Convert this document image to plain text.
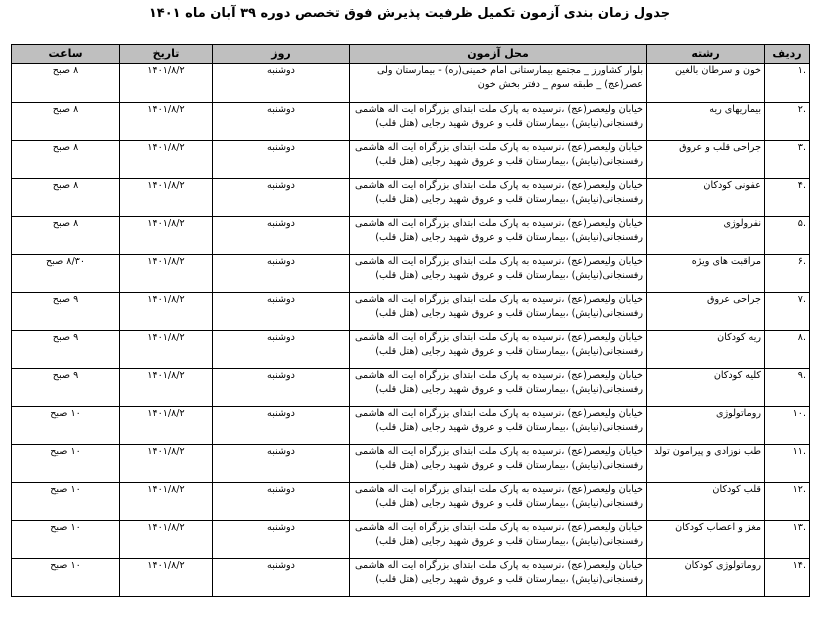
جدول زمان بندی آزمون تکمیل ظرفیت پذیرش فوق تخصص دوره ۳۹ آبان ماه ۱۴۰۱
ردیف	رشته	محل آزمون	روز	تاریخ	ساعت
.۱	خون و سرطان بالغین	بلوار کشاورز _ مجتمع بیمارستانی امام خمینی(ره) - بیمارستان ولی عصر(عج) _ طبقه سوم _ دفتر بخش خون	دوشنبه	۱۴۰۱/۸/۲	۸ صبح
.۲	بیماریهای ریه	خیابان ولیعصر(عج) ،نرسیده به پارک ملت ابتدای بزرگراه ایت اله هاشمی رفسنجانی(نیایش) ،بیمارستان قلب و عروق شهید رجایی (هتل قلب)	دوشنبه	۱۴۰۱/۸/۲	۸ صبح
.۳	جراحی قلب و عروق	خیابان ولیعصر(عج) ،نرسیده به پارک ملت ابتدای بزرگراه ایت اله هاشمی رفسنجانی(نیایش) ،بیمارستان قلب و عروق شهید رجایی (هتل قلب)	دوشنبه	۱۴۰۱/۸/۲	۸ صبح
.۴	عفونی کودکان	خیابان ولیعصر(عج) ،نرسیده به پارک ملت ابتدای بزرگراه ایت اله هاشمی رفسنجانی(نیایش) ،بیمارستان قلب و عروق شهید رجایی (هتل قلب)	دوشنبه	۱۴۰۱/۸/۲	۸ صبح
.۵	نفرولوژی	خیابان ولیعصر(عج) ،نرسیده به پارک ملت ابتدای بزرگراه ایت اله هاشمی رفسنجانی(نیایش) ،بیمارستان قلب و عروق شهید رجایی (هتل قلب)	دوشنبه	۱۴۰۱/۸/۲	۸ صبح
.۶	مراقبت های ویژه	خیابان ولیعصر(عج) ،نرسیده به پارک ملت ابتدای بزرگراه ایت اله هاشمی رفسنجانی(نیایش) ،بیمارستان قلب و عروق شهید رجایی (هتل قلب)	دوشنبه	۱۴۰۱/۸/۲	۸/۳۰ صبح
.۷	جراحی عروق	خیابان ولیعصر(عج) ،نرسیده به پارک ملت ابتدای بزرگراه ایت اله هاشمی رفسنجانی(نیایش) ،بیمارستان قلب و عروق شهید رجایی (هتل قلب)	دوشنبه	۱۴۰۱/۸/۲	۹ صبح
.۸	ریه کودکان	خیابان ولیعصر(عج) ،نرسیده به پارک ملت ابتدای بزرگراه ایت اله هاشمی رفسنجانی(نیایش) ،بیمارستان قلب و عروق شهید رجایی (هتل قلب)	دوشنبه	۱۴۰۱/۸/۲	۹ صبح
.۹	کلیه کودکان	خیابان ولیعصر(عج) ،نرسیده به پارک ملت ابتدای بزرگراه ایت اله هاشمی رفسنجانی(نیایش) ،بیمارستان قلب و عروق شهید رجایی (هتل قلب)	دوشنبه	۱۴۰۱/۸/۲	۹ صبح
.۱۰	روماتولوژی	خیابان ولیعصر(عج) ،نرسیده به پارک ملت ابتدای بزرگراه ایت اله هاشمی رفسنجانی(نیایش) ،بیمارستان قلب و عروق شهید رجایی (هتل قلب)	دوشنبه	۱۴۰۱/۸/۲	۱۰ صبح
.۱۱	طب نوزادی و پیرامون تولد	خیابان ولیعصر(عج) ،نرسیده به پارک ملت ابتدای بزرگراه ایت اله هاشمی رفسنجانی(نیایش) ،بیمارستان قلب و عروق شهید رجایی (هتل قلب)	دوشنبه	۱۴۰۱/۸/۲	۱۰ صبح
.۱۲	قلب کودکان	خیابان ولیعصر(عج) ،نرسیده به پارک ملت ابتدای بزرگراه ایت اله هاشمی رفسنجانی(نیایش) ،بیمارستان قلب و عروق شهید رجایی (هتل قلب)	دوشنبه	۱۴۰۱/۸/۲	۱۰ صبح
.۱۳	مغز و اعصاب کودکان	خیابان ولیعصر(عج) ،نرسیده به پارک ملت ابتدای بزرگراه ایت اله هاشمی رفسنجانی(نیایش) ،بیمارستان قلب و عروق شهید رجایی (هتل قلب)	دوشنبه	۱۴۰۱/۸/۲	۱۰ صبح
.۱۴	روماتولوژی کودکان	خیابان ولیعصر(عج) ،نرسیده به پارک ملت ابتدای بزرگراه ایت اله هاشمی رفسنجانی(نیایش) ،بیمارستان قلب و عروق شهید رجایی (هتل قلب)	دوشنبه	۱۴۰۱/۸/۲	۱۰ صبح
